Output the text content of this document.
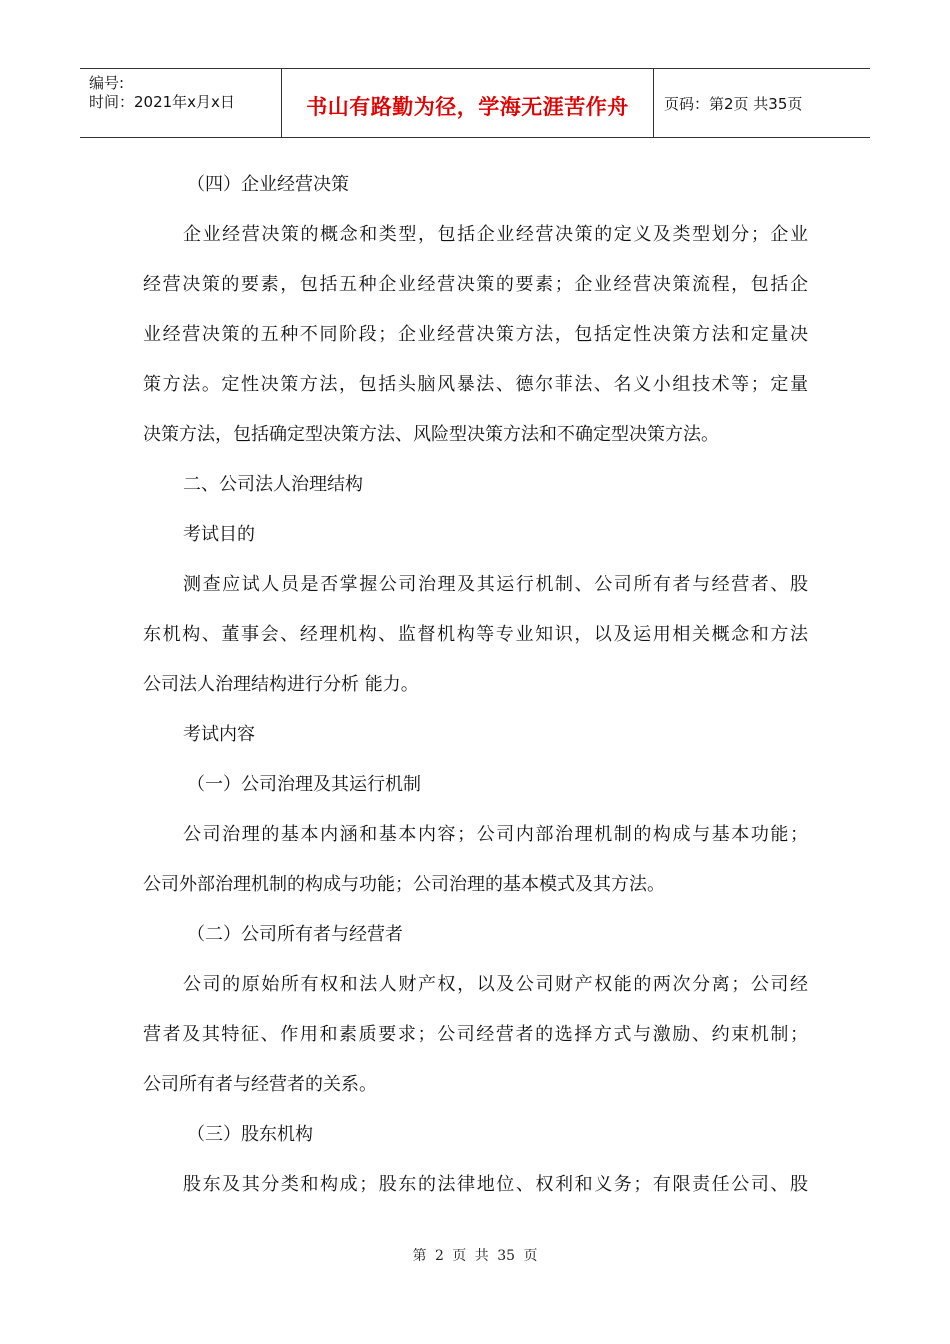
编号:
时间：2021年x月x日	书山有路勤为径，学海无涯苦作舟	页码：第2页 共35页
（四）企业经营决策
企业经营决策的概念和类型，包括企业经营决策的定义及类型划分；企业
经营决策的要素，包括五种企业经营决策的要素；企业经营决策流程，包括企
业经营决策的五种不同阶段；企业经营决策方法，包括定性决策方法和定量决
策方法。定性决策方法，包括头脑风暴法、德尔菲法、名义小组技术等；定量
决策方法，包括确定型决策方法、风险型决策方法和不确定型决策方法。
二、公司法人治理结构
考试目的
测查应试人员是否掌握公司治理及其运行机制、公司所有者与经营者、股
东机构、董事会、经理机构、监督机构等专业知识，以及运用相关概念和方法
公司法人治理结构进行分析 能力。
考试内容
（一）公司治理及其运行机制
公司治理的基本内涵和基本内容；公司内部治理机制的构成与基本功能；
公司外部治理机制的构成与功能；公司治理的基本模式及其方法。
（二）公司所有者与经营者
公司的原始所有权和法人财产权，以及公司财产权能的两次分离；公司经
营者及其特征、作用和素质要求；公司经营者的选择方式与激励、约束机制；
公司所有者与经营者的关系。
（三）股东机构
股东及其分类和构成；股东的法律地位、权利和义务；有限责任公司、股
第 2 页 共 35 页
